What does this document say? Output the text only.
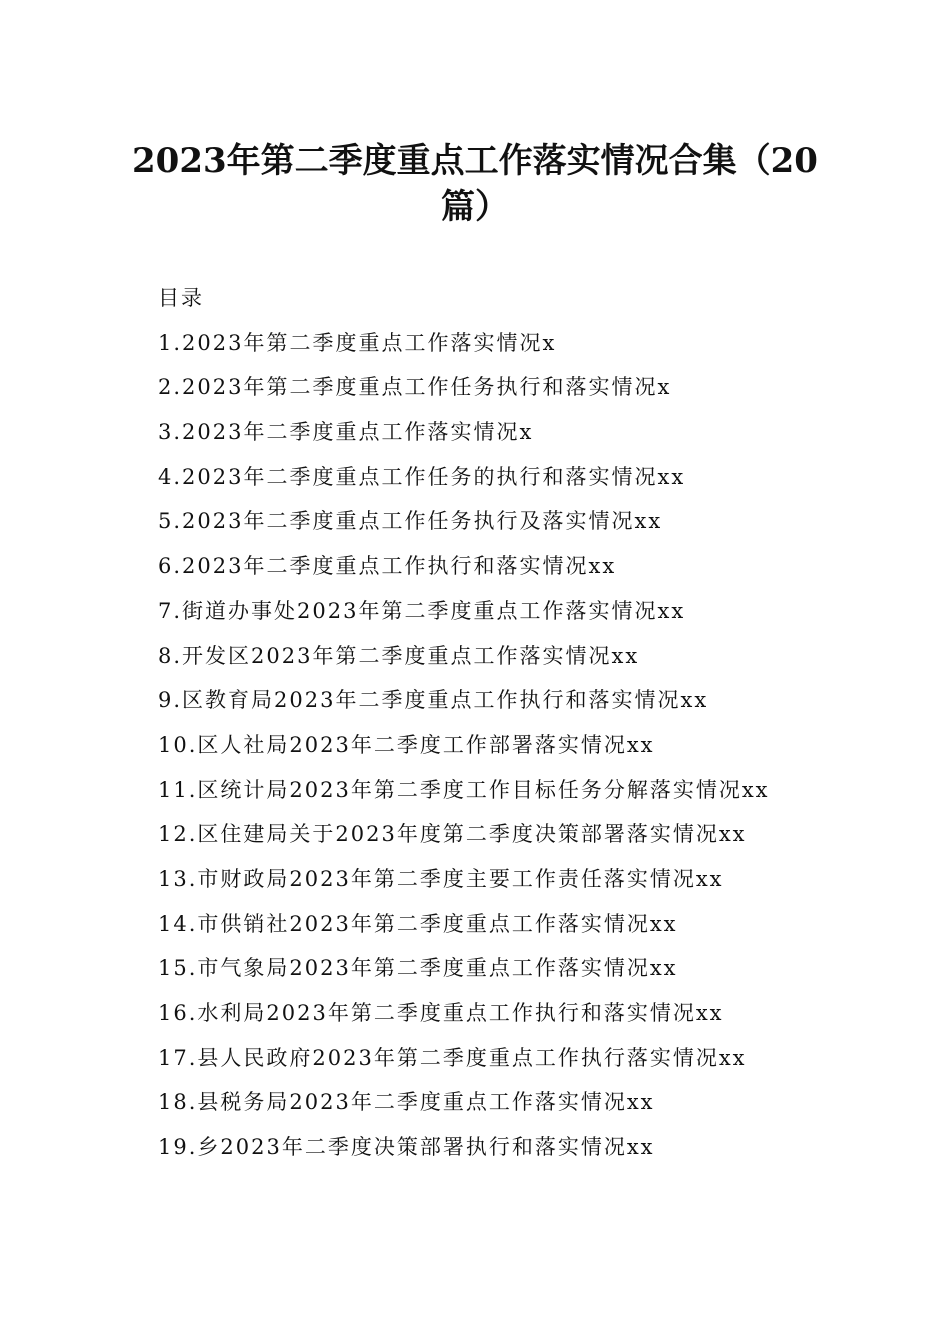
2023年第二季度重点工作落实情况合集（20篇）
目录
1.2023年第二季度重点工作落实情况x
2.2023年第二季度重点工作任务执行和落实情况x
3.2023年二季度重点工作落实情况x
4.2023年二季度重点工作任务的执行和落实情况xx
5.2023年二季度重点工作任务执行及落实情况xx
6.2023年二季度重点工作执行和落实情况xx
7.街道办事处2023年第二季度重点工作落实情况xx
8.开发区2023年第二季度重点工作落实情况xx
9.区教育局2023年二季度重点工作执行和落实情况xx
10.区人社局2023年二季度工作部署落实情况xx
11.区统计局2023年第二季度工作目标任务分解落实情况xx
12.区住建局关于2023年度第二季度决策部署落实情况xx
13.市财政局2023年第二季度主要工作责任落实情况xx
14.市供销社2023年第二季度重点工作落实情况xx
15.市气象局2023年第二季度重点工作落实情况xx
16.水利局2023年第二季度重点工作执行和落实情况xx
17.县人民政府2023年第二季度重点工作执行落实情况xx
18.县税务局2023年二季度重点工作落实情况xx
19.乡2023年二季度决策部署执行和落实情况xx
